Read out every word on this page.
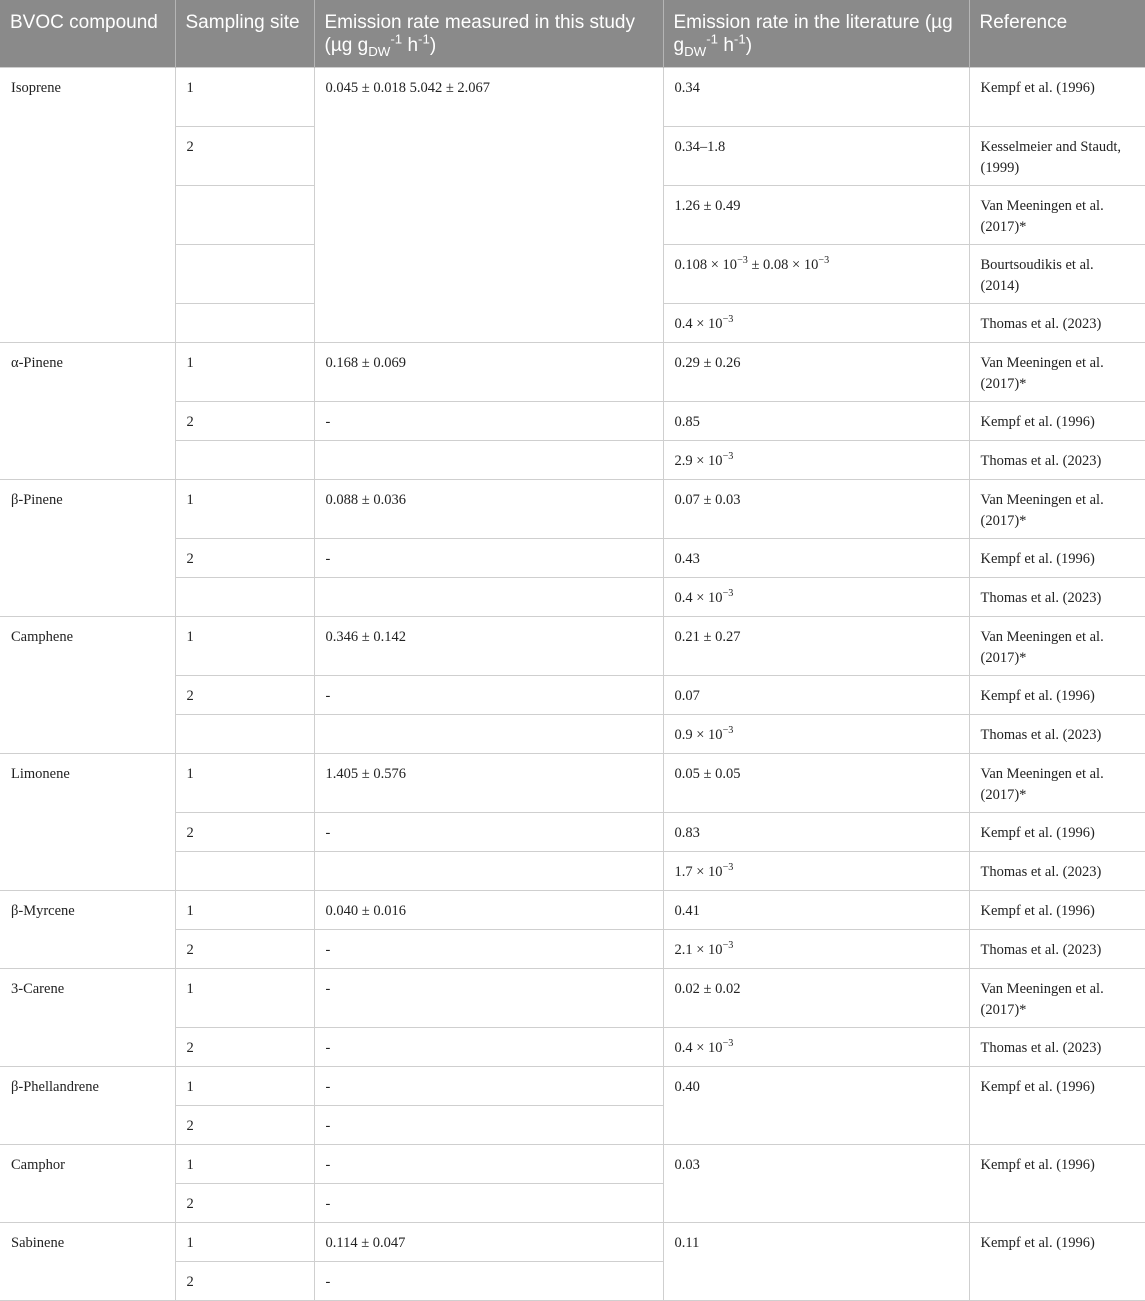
BVOC compound	Sampling site	Emission rate measured in this study (µg $g_{DW}^{-1}$ $h^{-1}$)	Emission rate in the literature (µg $g_{DW}^{-1}$ $h^{-1}$)	Reference
Isoprene	1	0.045 ± 0.018 5.042 ± 2.067	0.34	Kempf et al. (1996)
	2		0.34–1.8	Kesselmeier and Staudt, (1999)
			1.26 ± 0.49	Van Meeningen et al. (2017)*
			$0.108 \times 10^{-3} \pm 0.08 \times 10^{-3}$	Bourtsoudikis et al. (2014)
			$0.4 \times 10^{-3}$	Thomas et al. (2023)
α-Pinene	1	0.168 ± 0.069	0.29 ± 0.26	Van Meeningen et al. (2017)*
	2	-	0.85	Kempf et al. (1996)
			$2.9 \times 10^{-3}$	Thomas et al. (2023)
β-Pinene	1	0.088 ± 0.036	0.07 ± 0.03	Van Meeningen et al. (2017)*
	2	-	0.43	Kempf et al. (1996)
			$0.4 \times 10^{-3}$	Thomas et al. (2023)
Camphene	1	0.346 ± 0.142	0.21 ± 0.27	Van Meeningen et al. (2017)*
	2	-	0.07	Kempf et al. (1996)
			$0.9 \times 10^{-3}$	Thomas et al. (2023)
Limonene	1	1.405 ± 0.576	0.05 ± 0.05	Van Meeningen et al. (2017)*
	2	-	0.83	Kempf et al. (1996)
			$1.7 \times 10^{-3}$	Thomas et al. (2023)
β-Myrcene	1	0.040 ± 0.016	0.41	Kempf et al. (1996)
	2	-	$2.1 \times 10^{-3}$	Thomas et al. (2023)
3-Carene	1	-	0.02 ± 0.02	Van Meeningen et al. (2017)*
	2	-	$0.4 \times 10^{-3}$	Thomas et al. (2023)
β-Phellandrene	1	-	0.40	Kempf et al. (1996)
	2	-		
Camphor	1	-	0.03	Kempf et al. (1996)
	2	-		
Sabinene	1	0.114 ± 0.047	0.11	Kempf et al. (1996)
	2	-		
